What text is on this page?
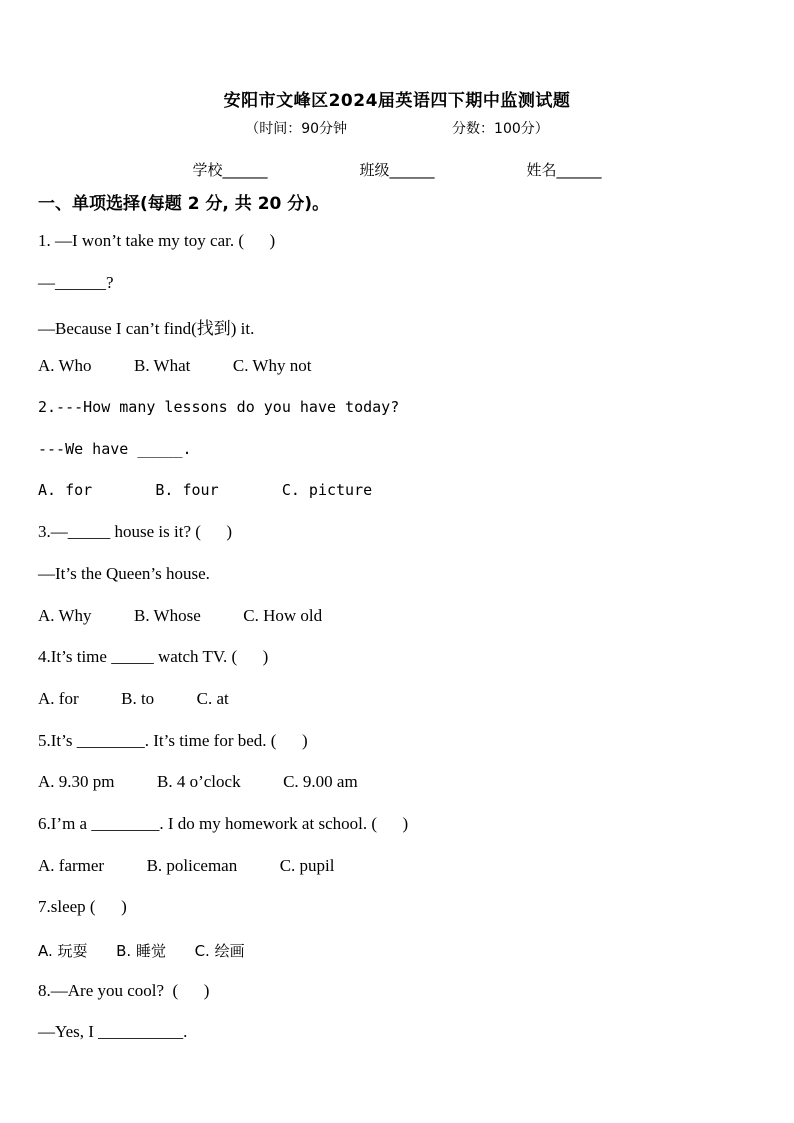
安阳市文峰区2024届英语四下期中监测试题
（时间：90分钟	分数：100分）
学校______	班级______	姓名______
一、单项选择(每题 2 分, 共 20 分)。
1. —I won’t take my toy car. (      )
—______?
—Because I can’t find(找到) it.
A. Who          B. What          C. Why not
2.---How many lessons do you have today?
---We have _____.
A. for       B. four       C. picture
3.—_____ house is it? (      )
—It’s the Queen’s house.
A. Why          B. Whose          C. How old
4.It’s time _____ watch TV. (      )
A. for          B. to          C. at
5.It’s ________. It’s time for bed. (      )
A. 9.30 pm          B. 4 o’clock          C. 9.00 am
6.I’m a ________. I do my homework at school. (      )
A. farmer          B. policeman          C. pupil
7.sleep (      )
A. 玩耍      B. 睡觉      C. 绘画
8.—Are you cool?  (      )
—Yes, I __________.
